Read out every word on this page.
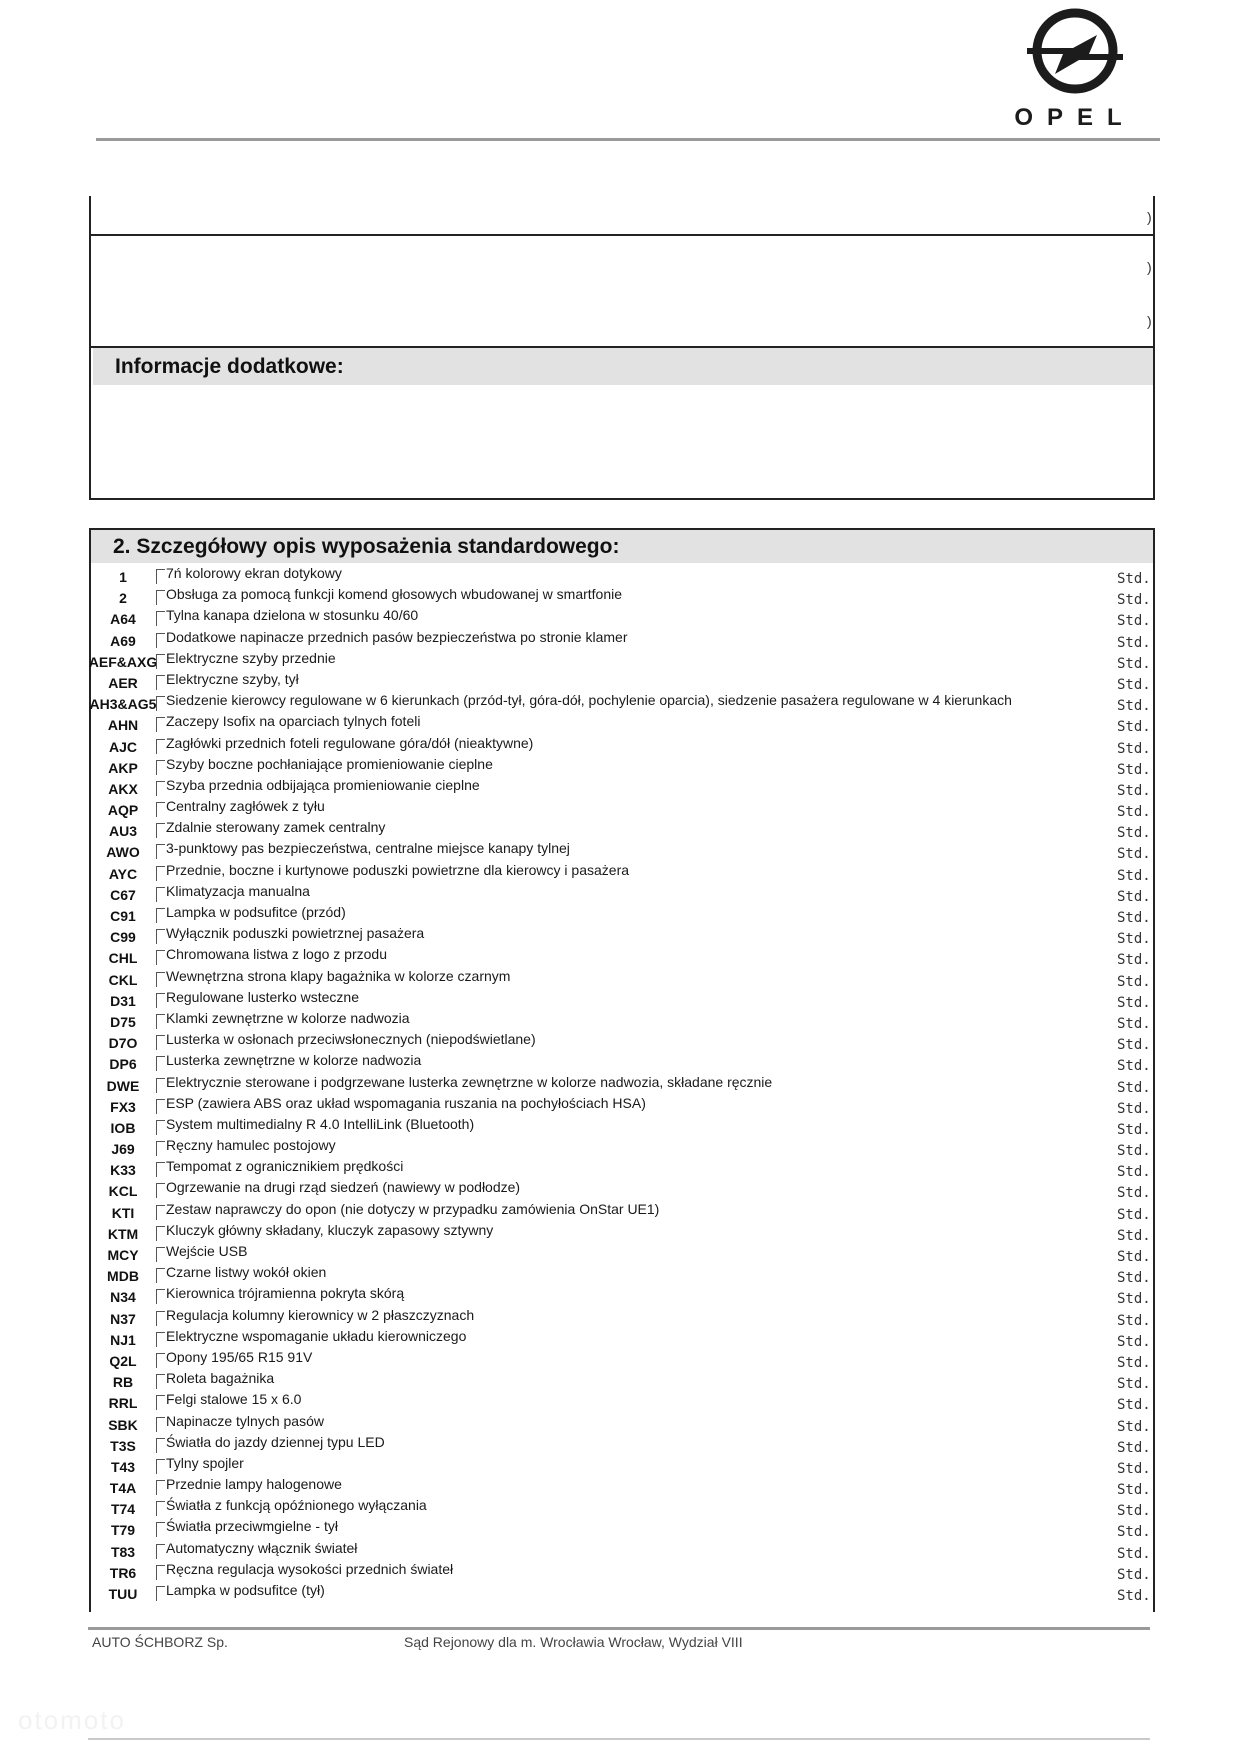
OPEL
)
)
)
Informacje dodatkowe:
2. Szczegółowy opis wyposażenia standardowego:
1	7ń kolorowy ekran dotykowy	Std.
2	Obsługa za pomocą funkcji komend głosowych wbudowanej w smartfonie	Std.
A64	Tylna kanapa dzielona w stosunku 40/60	Std.
A69	Dodatkowe napinacze przednich pasów bezpieczeństwa po stronie klamer	Std.
AEF&AXG Elektryczne szyby przednie	Std.
AER	Elektryczne szyby, tył	Std.
AH3&AG5 Siedzenie kierowcy regulowane w 6 kierunkach (przód-tył, góra-dół, pochylenie oparcia), siedzenie pasażera regulowane w 4 kierunkach	Std.
AHN	Zaczepy Isofix na oparciach tylnych foteli	Std.
AJC	Zagłówki przednich foteli regulowane góra/dół (nieaktywne)	Std.
AKP	Szyby boczne pochłaniające promieniowanie cieplne	Std.
AKX	Szyba przednia odbijająca promieniowanie cieplne	Std.
AQP	Centralny zagłówek z tyłu	Std.
AU3	Zdalnie sterowany zamek centralny	Std.
AWO	3-punktowy pas bezpieczeństwa, centralne miejsce kanapy tylnej	Std.
AYC	Przednie, boczne i kurtynowe poduszki powietrzne dla kierowcy i pasażera	Std.
C67	Klimatyzacja manualna	Std.
C91	Lampka w podsufitce (przód)	Std.
C99	Wyłącznik poduszki powietrznej pasażera	Std.
CHL	Chromowana listwa z logo z przodu	Std.
CKL	Wewnętrzna strona klapy bagażnika w kolorze czarnym	Std.
D31	Regulowane lusterko wsteczne	Std.
D75	Klamki zewnętrzne w kolorze nadwozia	Std.
D7O	Lusterka w osłonach przeciwsłonecznych (niepodświetlane)	Std.
DP6	Lusterka zewnętrzne w kolorze nadwozia	Std.
DWE	Elektrycznie sterowane i podgrzewane lusterka zewnętrzne w kolorze nadwozia, składane ręcznie	Std.
FX3	ESP (zawiera ABS oraz układ wspomagania ruszania na pochyłościach HSA)	Std.
IOB	System multimedialny R 4.0 IntelliLink (Bluetooth)	Std.
J69	Ręczny hamulec postojowy	Std.
K33	Tempomat z ogranicznikiem prędkości	Std.
KCL	Ogrzewanie na drugi rząd siedzeń (nawiewy w podłodze)	Std.
KTI	Zestaw naprawczy do opon (nie dotyczy w przypadku zamówienia OnStar UE1)	Std.
KTM	Kluczyk główny składany, kluczyk zapasowy sztywny	Std.
MCY	Wejście USB	Std.
MDB	Czarne listwy wokół okien	Std.
N34	Kierownica trójramienna pokryta skórą	Std.
N37	Regulacja kolumny kierownicy w 2 płaszczyznach	Std.
NJ1	Elektryczne wspomaganie układu kierowniczego	Std.
Q2L	Opony 195/65 R15 91V	Std.
RB	Roleta bagażnika	Std.
RRL	Felgi stalowe 15 x 6.0	Std.
SBK	Napinacze tylnych pasów	Std.
T3S	Światła do jazdy dziennej typu LED	Std.
T43	Tylny spojler	Std.
T4A	Przednie lampy halogenowe	Std.
T74	Światła z funkcją opóźnionego wyłączania	Std.
T79	Światła przeciwmgielne - tył	Std.
T83	Automatyczny włącznik świateł	Std.
TR6	Ręczna regulacja wysokości przednich świateł	Std.
TUU	Lampka w podsufitce (tył)	Std.
AUTO ŚCHBORZ Sp.	Sąd Rejonowy dla m. Wrocławia Wrocław, Wydział VIII
otomoto
